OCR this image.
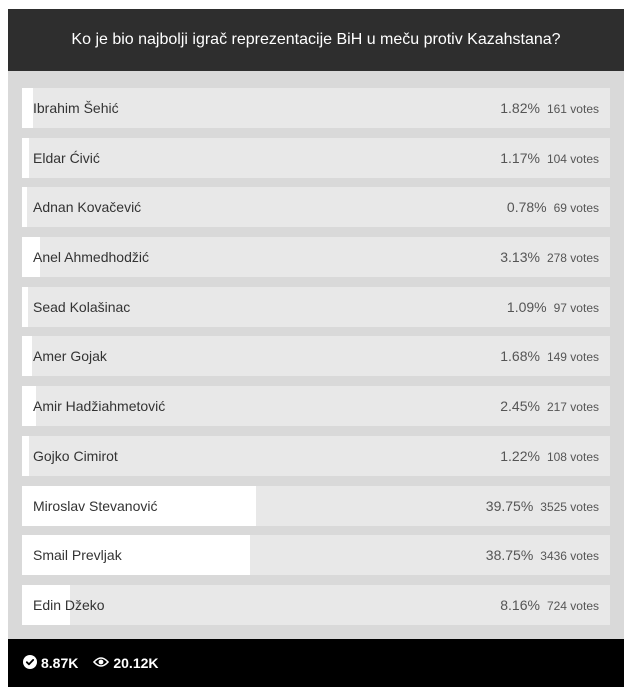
Ko je bio najbolji igrač reprezentacije BiH u meču protiv Kazahstana?
Ibrahim Šehić	1.82% 161 votes
Eldar Ćivić	1.17% 104 votes
Adnan Kovačević	0.78% 69 votes
Anel Ahmedhodžić	3.13% 278 votes
Sead Kolašinac	1.09% 97 votes
Amer Gojak	1.68% 149 votes
Amir Hadžiahmetović	2.45% 217 votes
Gojko Cimirot	1.22% 108 votes
Miroslav Stevanović	39.75% 3525 votes
Smail Prevljak	38.75% 3436 votes
Edin Džeko	8.16% 724 votes
8.87K	20.12K
